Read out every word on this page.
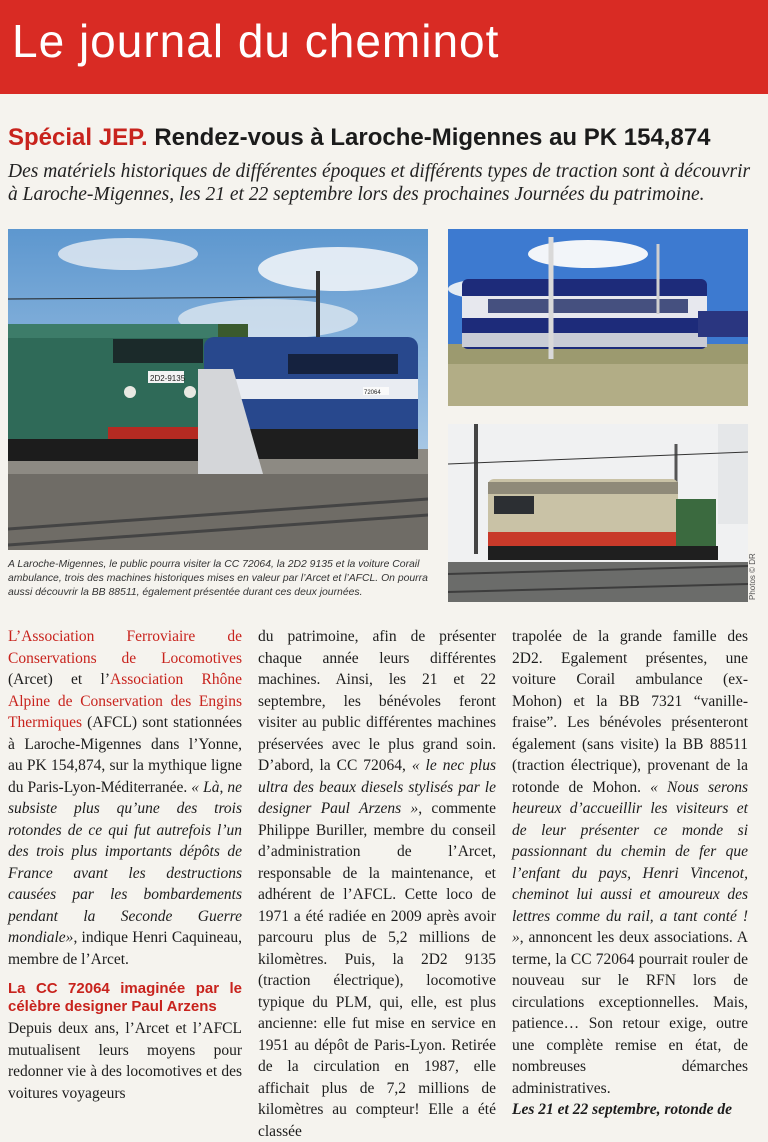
Le journal du cheminot
Spécial JEP. Rendez-vous à Laroche-Migennes au PK 154,874
Des matériels historiques de différentes époques et différents types de traction sont à découvrir à Laroche-Migennes, les 21 et 22 septembre lors des prochaines Journées du patrimoine.
2D2-9135
72064
A Laroche-Migennes, le public pourra visiter la CC 72064, la 2D2 9135 et la voiture Corail ambulance, trois des machines historiques mises en valeur par l’Arcet et l’AFCL. On pourra aussi découvrir la BB 88511, également présentée durant ces deux journées.	Photos © DR

L’Association Ferroviaire de Conservations de Locomotives (Arcet) et l’Association Rhône Alpine de Conservation des Engins Thermiques (AFCL) sont stationnées à Laroche-Migennes dans l’Yonne, au PK 154,874, sur la mythique ligne du Paris-Lyon-Méditerranée. « Là, ne subsiste plus qu’une des trois rotondes de ce qui fut autrefois l’un des trois plus importants dépôts de France avant les destructions causées par les bombardements pendant la Seconde Guerre mondiale», indique Henri Caquineau, membre de l’Arcet.

La CC 72064 imaginée par le célèbre designer Paul Arzens

Depuis deux ans, l’Arcet et l’AFCL mutualisent leurs moyens pour redonner vie à des locomotives et des voitures voyageurs

du patrimoine, afin de présenter chaque année leurs différentes machines. Ainsi, les 21 et 22 septembre, les bénévoles feront visiter au public différentes machines préservées avec le plus grand soin. D’abord, la CC 72064, « le nec plus ultra des beaux diesels stylisés par le designer Paul Arzens », commente Philippe Buriller, membre du conseil d’administration de l’Arcet, responsable de la maintenance, et adhérent de l’AFCL. Cette loco de 1971 a été radiée en 2009 après avoir parcouru plus de 5,2 millions de kilomètres. Puis, la 2D2 9135 (traction électrique), locomotive typique du PLM, qui, elle, est plus ancienne: elle fut mise en service en 1951 au dépôt de Paris-Lyon. Retirée de la circulation en 1987, elle affichait plus de 7,2 millions de kilomètres au compteur! Elle a été classée

trapolée de la grande famille des 2D2. Egalement présentes, une voiture Corail ambulance (ex-Mohon) et la BB 7321 “vanille-fraise”. Les bénévoles présenteront également (sans visite) la BB 88511 (traction électrique), provenant de la rotonde de Mohon. « Nous serons heureux d’accueillir les visiteurs et de leur présenter ce monde si passionnant du chemin de fer que l’enfant du pays, Henri Vincenot, cheminot lui aussi et amoureux des lettres comme du rail, a tant conté ! », annoncent les deux associations. A terme, la CC 72064 pourrait rouler de nouveau sur le RFN lors de circulations exceptionnelles. Mais, patience… Son retour exige, outre une complète remise en état, de nombreuses démarches administratives.

Les 21 et 22 septembre, rotonde de
